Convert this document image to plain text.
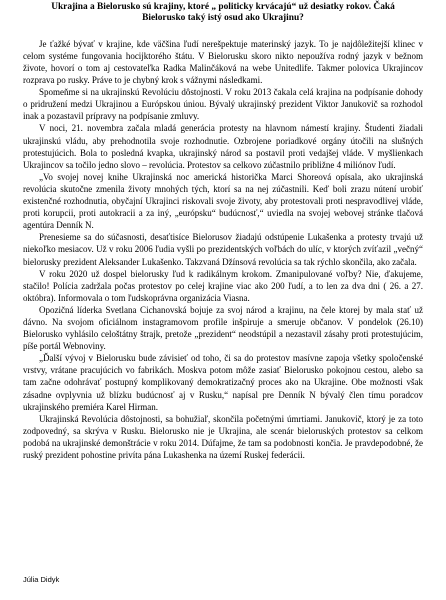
Ukrajina a Bielorusko sú krajiny, ktoré „ politicky krvácajú“ už desiatky rokov. Čaká Bielorusko taký istý osud ako Ukrajinu?

Je ťažké bývať v krajine, kde väčšina ľudí nerešpektuje materinský jazyk. To je najdôležitejší klinec v celom systéme fungovania hocijktorého štátu. V Bielorusku skoro nikto nepoužíva rodný jazyk v bežnom živote, hovorí o tom aj cestovateľka Radka Malinčáková na webe Unitedlife. Takmer polovica Ukrajincov rozprava po rusky. Práve to je chybný krok s vážnymi následkami.

Spomeňme si na ukrajinskú Revolúciu dôstojnosti. V roku 2013 čakala celá krajina na podpísanie dohody o pridružení medzi Ukrajinou a Európskou úniou. Bývalý ukrajinský prezident Viktor Janukovič sa rozhodol inak a pozastavil prípravy na podpísanie zmluvy.

V noci, 21. novembra začala mladá generácia protesty na hlavnom námestí krajiny. Študenti žiadali ukrajinskú vládu, aby prehodnotila svoje rozhodnutie. Ozbrojene poriadkové orgány útočili na slušných protestujúcich. Bola to posledná kvapka, ukrajinský národ sa postavil proti vedajšej vláde. V myšlienkach Ukrajincov sa točilo jedno slovo – revolúcia. Protestov sa celkovo zúčastnilo približne 4 miliónov ľudí.

„Vo svojej novej knihe Ukrajinská noc americká historička Marci Shoreová opísala, ako ukrajinská revolúcia skutočne zmenila životy mnohých tých, ktorí sa na nej zúčastnili. Keď boli zrazu nútení urobiť existenčné rozhodnutia, obyčajní Ukrajinci riskovali svoje životy, aby protestovali proti nespravodlivej vláde, proti korupcii, proti autokracii a za iný, „európsku“ budúcnosť,“ uviedla na svojej webovej stránke tlačová agentúra Denník N.

Prenesieme sa do súčasnosti, desaťtisíce Bielorusov žiadajú odstúpenie Lukašenka a protesty trvajú už niekoľko mesiacov. Už v roku 2006 ľudia vyšli po prezidentských voľbách do ulíc, v ktorých zvíťazil „večný“ bielorusky prezident Aleksander Lukašenko. Takzvaná Džínsová revolúcia sa tak rýchlo skončila, ako začala.

V roku 2020 už dospel bielorusky ľud k radikálnym krokom. Zmanipulované voľby? Nie, ďakujeme, stačilo! Polícia zadržala počas protestov po celej krajine viac ako 200 ľudí, a to len za dva dni ( 26. a 27. októbra). Informovala o tom ľudskoprávna organizácia Viasna.

Opozičná líderka Svetlana Cichanovská bojuje za svoj národ a krajinu, na čele ktorej by mala stať už dávno. Na svojom oficiálnom instagramovom profile inšpiruje a smeruje občanov. V pondelok (26.10) Bielorusko vyhlásilo celoštátny štrajk, pretože „prezident“ neodstúpil a nezastavil zásahy proti protestujúcim, píše portál Webnoviny.

„Ďalší vývoj v Bielorusku bude závisieť od toho, či sa do protestov masívne zapoja všetky spoločenské vrstvy, vrátane pracujúcich vo fabrikách. Moskva potom môže zasiať Bielorusko pokojnou cestou, alebo sa tam začne odohrávať postupný komplikovaný demokratizačný proces ako na Ukrajine. Obe možnosti však zásadne ovplyvnia už blízku budúcnosť aj v Rusku,“ napísal pre Denník N bývalý člen tímu poradcov ukrajinského premiéra Karel Hirman.

Ukrajinská Revolúcia dôstojnosti, sa bohužiaľ, skončila početnými úmrtiami. Janukovič, ktorý je za toto zodpovedný, sa skrýva v Rusku. Bielorusko nie je Ukrajina, ale scenár bieloruských protestov sa celkom podobá na ukrajinské demonštrácie v roku 2014. Dúfajme, že tam sa podobnosti končia. Je pravdepodobné, že ruský prezident pohostine privíta pána Lukashenka na území Ruskej federácii.

Júlia Didyk
